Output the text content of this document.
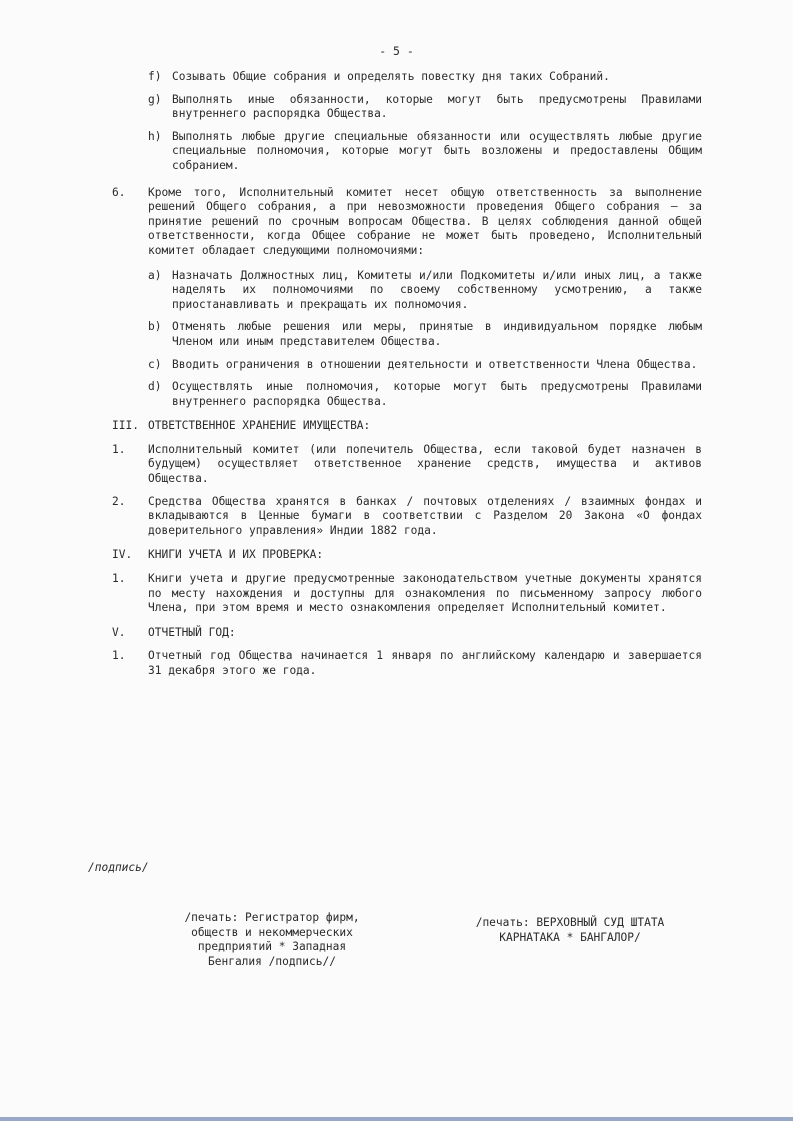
- 5 -
f) Созывать Общие собрания и определять повестку дня таких Собраний.
g) Выполнять иные обязанности, которые могут быть предусмотрены Правилами внутреннего распорядка Общества.
h) Выполнять любые другие специальные обязанности или осуществлять любые другие специальные полномочия, которые могут быть возложены и предоставлены Общим собранием.
6.	Кроме того, Исполнительный комитет несет общую ответственность за выполнение решений Общего собрания, а при невозможности проведения Общего собрания — за принятие решений по срочным вопросам Общества. В целях соблюдения данной общей ответственности, когда Общее собрание не может быть проведено, Исполнительный комитет обладает следующими полномочиями:
a) Назначать Должностных лиц, Комитеты и/или Подкомитеты и/или иных лиц, а также наделять их полномочиями по своему собственному усмотрению, а также приостанавливать и прекращать их полномочия.
b) Отменять любые решения или меры, принятые в индивидуальном порядке любым Членом или иным представителем Общества.
c) Вводить ограничения в отношении деятельности и ответственности Члена Общества.
d) Осуществлять иные полномочия, которые могут быть предусмотрены Правилами внутреннего распорядка Общества.
III. ОТВЕТСТВЕННОЕ ХРАНЕНИЕ ИМУЩЕСТВА:
1.	Исполнительный комитет (или попечитель Общества, если таковой будет назначен в будущем) осуществляет ответственное хранение средств, имущества и активов Общества.
2.	Средства Общества хранятся в банках / почтовых отделениях / взаимных фондах и вкладываются в Ценные бумаги в соответствии с Разделом 20 Закона «О фондах доверительного управления» Индии 1882 года.
IV.	КНИГИ УЧЕТА И ИХ ПРОВЕРКА:
1.	Книги учета и другие предусмотренные законодательством учетные документы хранятся по месту нахождения и доступны для ознакомления по письменному запросу любого Члена, при этом время и место ознакомления определяет Исполнительный комитет.
V.	ОТЧЕТНЫЙ ГОД:
1.	Отчетный год Общества начинается 1 января по английскому календарю и завершается 31 декабря этого же года.
/подпись/
/печать: Регистратор фирм,
обществ и некоммерческих
предприятий * Западная
Бенгалия /подпись//
/печать: ВЕРХОВНЫЙ СУД ШТАТА
КАРНАТАКА * БАНГАЛОР/
